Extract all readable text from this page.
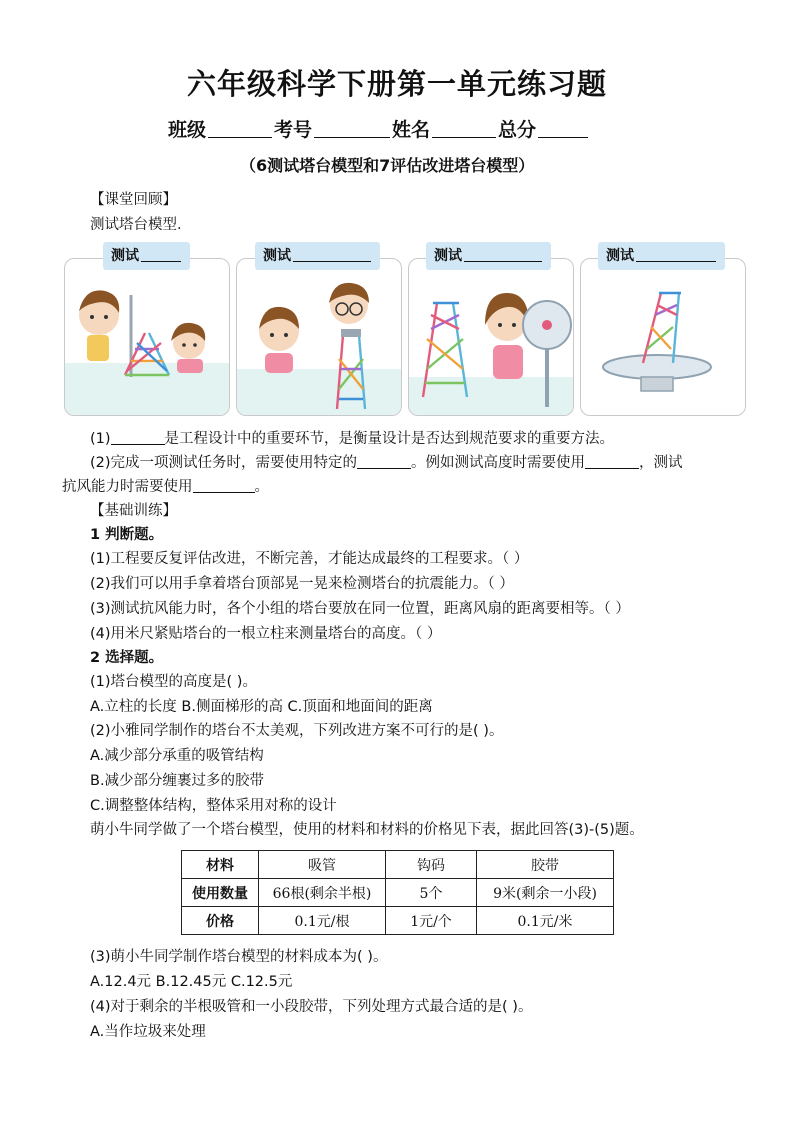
六年级科学下册第一单元练习题
班级	考号	姓名	总分
（6测试塔台模型和7评估改进塔台模型）
【课堂回顾】
测试塔台模型.
测试	测试	测试	测试
(1)	是工程设计中的重要环节，是衡量设计是否达到规范要求的重要方法。
(2)完成一项测试任务时，需要使用特定的	。例如测试高度时需要使用	，测试
抗风能力时需要使用	。
【基础训练】
1 判断题。
(1)工程要反复评估改进，不断完善，才能达成最终的工程要求。（ ）
(2)我们可以用手拿着塔台顶部晃一晃来检测塔台的抗震能力。（ ）
(3)测试抗风能力时，各个小组的塔台要放在同一位置，距离风扇的距离要相等。（ ）
(4)用米尺紧贴塔台的一根立柱来测量塔台的高度。（ ）
2 选择题。
(1)塔台模型的高度是( )。
A.立柱的长度 B.侧面梯形的高 C.顶面和地面间的距离
(2)小雅同学制作的塔台不太美观，下列改进方案不可行的是( )。
A.减少部分承重的吸管结构
B.减少部分缠裹过多的胶带
C.调整整体结构，整体采用对称的设计
萌小牛同学做了一个塔台模型，使用的材料和材料的价格见下表，据此回答(3)-(5)题。
材料	吸管	钩码	胶带
使用数量	66根(剩余半根)	5个	9米(剩余一小段)
价格	0.1元/根	1元/个	0.1元/米
(3)萌小牛同学制作塔台模型的材料成本为( )。
A.12.4元 B.12.45元 C.12.5元
(4)对于剩余的半根吸管和一小段胶带，下列处理方式最合适的是( )。
A.当作垃圾来处理
